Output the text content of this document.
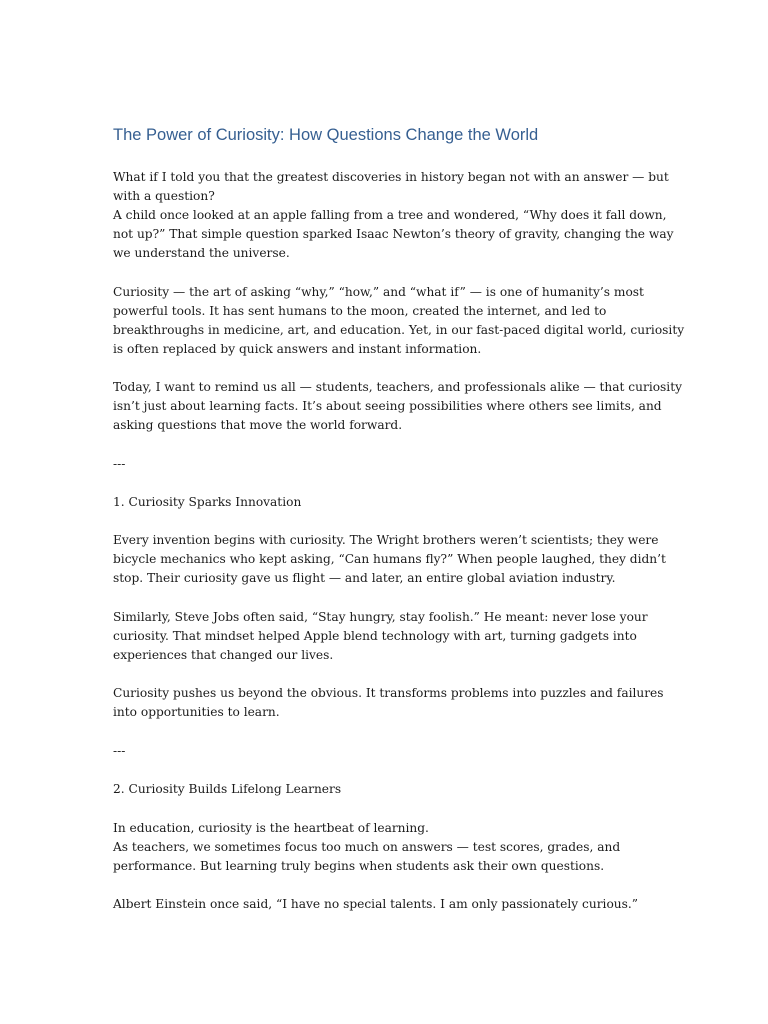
The Power of Curiosity: How Questions Change the World

What if I told you that the greatest discoveries in history began not with an answer — but
with a question?
A child once looked at an apple falling from a tree and wondered, “Why does it fall down,
not up?” That simple question sparked Isaac Newton’s theory of gravity, changing the way
we understand the universe.

Curiosity — the art of asking “why,” “how,” and “what if” — is one of humanity’s most
powerful tools. It has sent humans to the moon, created the internet, and led to
breakthroughs in medicine, art, and education. Yet, in our fast-paced digital world, curiosity
is often replaced by quick answers and instant information.

Today, I want to remind us all — students, teachers, and professionals alike — that curiosity
isn’t just about learning facts. It’s about seeing possibilities where others see limits, and
asking questions that move the world forward.

---

1. Curiosity Sparks Innovation

Every invention begins with curiosity. The Wright brothers weren’t scientists; they were
bicycle mechanics who kept asking, “Can humans fly?” When people laughed, they didn’t
stop. Their curiosity gave us flight — and later, an entire global aviation industry.

Similarly, Steve Jobs often said, “Stay hungry, stay foolish.” He meant: never lose your
curiosity. That mindset helped Apple blend technology with art, turning gadgets into
experiences that changed our lives.

Curiosity pushes us beyond the obvious. It transforms problems into puzzles and failures
into opportunities to learn.

---

2. Curiosity Builds Lifelong Learners

In education, curiosity is the heartbeat of learning.
As teachers, we sometimes focus too much on answers — test scores, grades, and
performance. But learning truly begins when students ask their own questions.

Albert Einstein once said, “I have no special talents. I am only passionately curious.”
